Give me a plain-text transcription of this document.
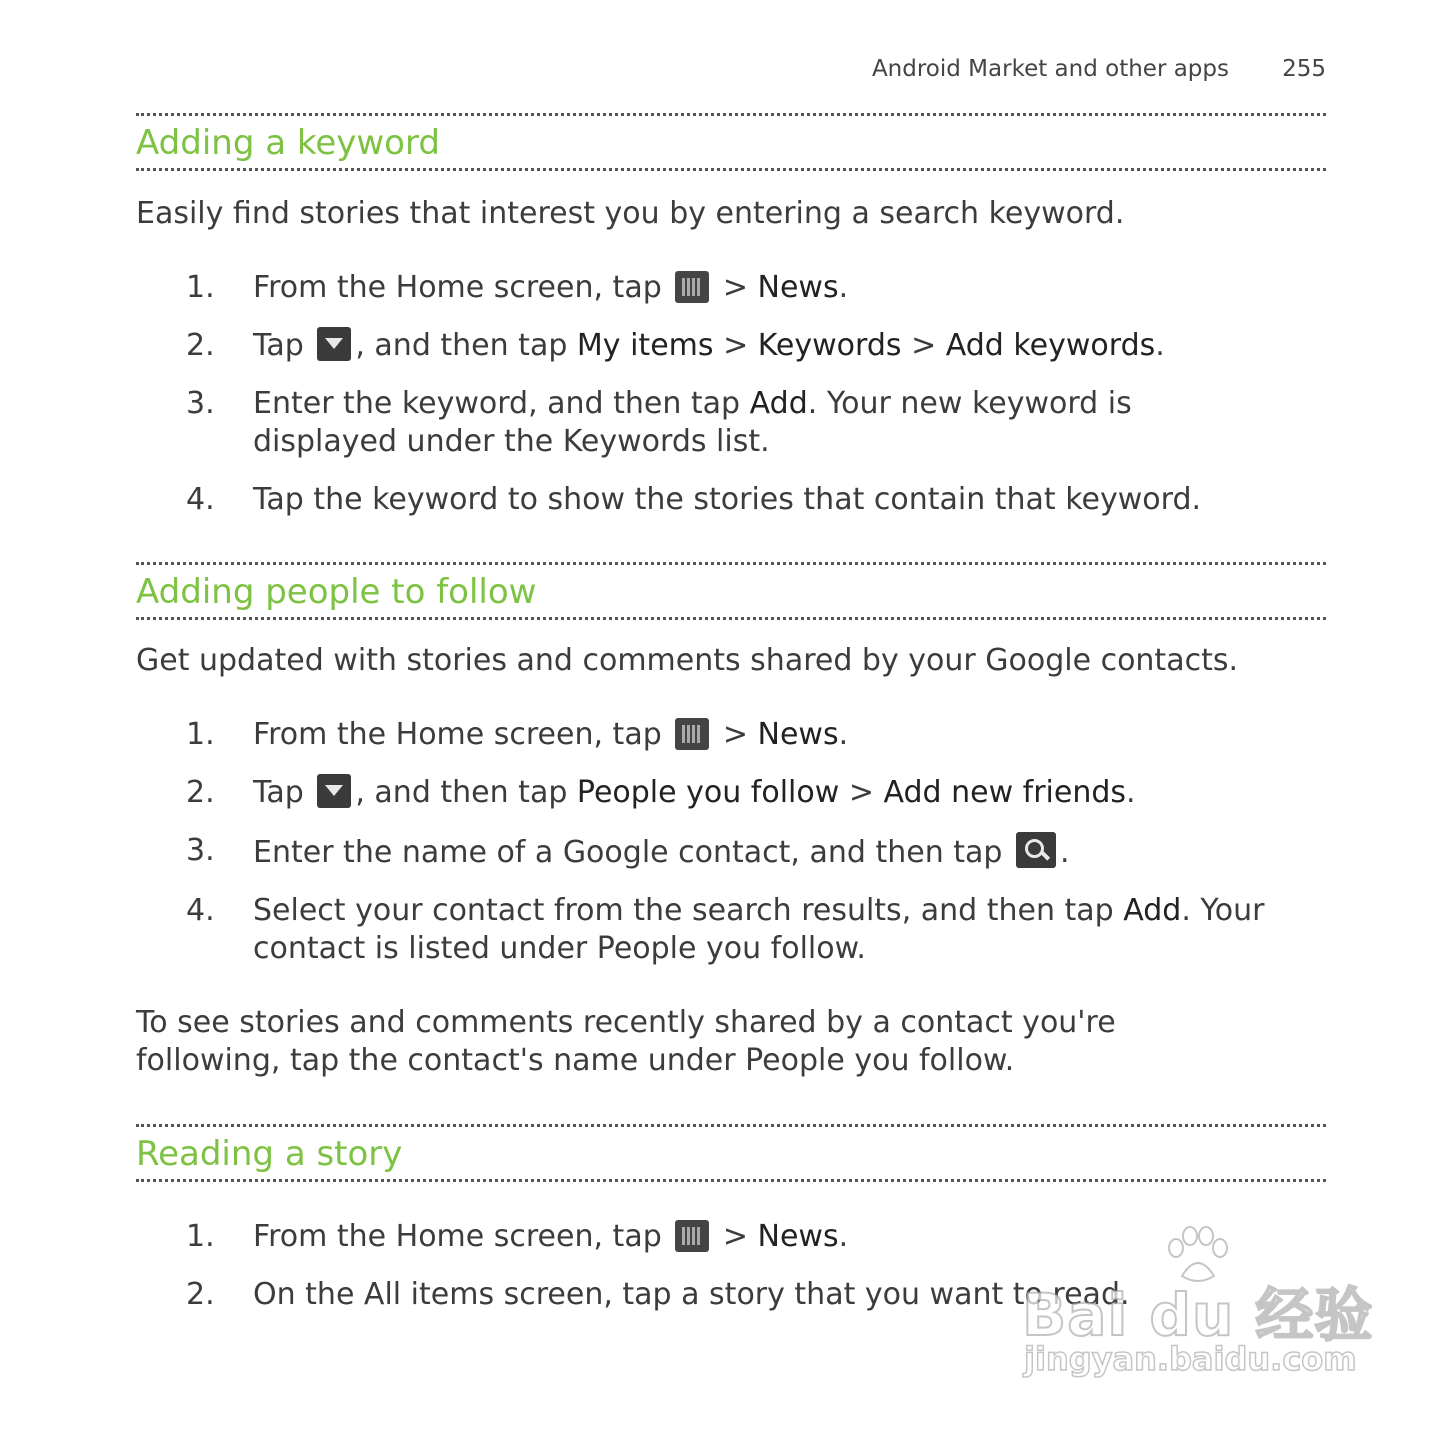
Android Market and other apps 255
Adding a keyword

Easily find stories that interest you by entering a search keyword.

1. From the Home screen, tap > News.
2. Tap , and then tap My items > Keywords > Add keywords.
3. Enter the keyword, and then tap Add. Your new keyword is displayed under the Keywords list.
4. Tap the keyword to show the stories that contain that keyword.
Adding people to follow

Get updated with stories and comments shared by your Google contacts.

1. From the Home screen, tap > News.
2. Tap , and then tap People you follow > Add new friends.
3. Enter the name of a Google contact, and then tap .
4. Select your contact from the search results, and then tap Add. Your contact is listed under People you follow.

To see stories and comments recently shared by a contact you're following, tap the contact's name under People you follow.

Reading a story
1. From the Home screen, tap > News.
2. On the All items screen, tap a story that you want to read.
Bai du 经验
jingyan.baidu.com
